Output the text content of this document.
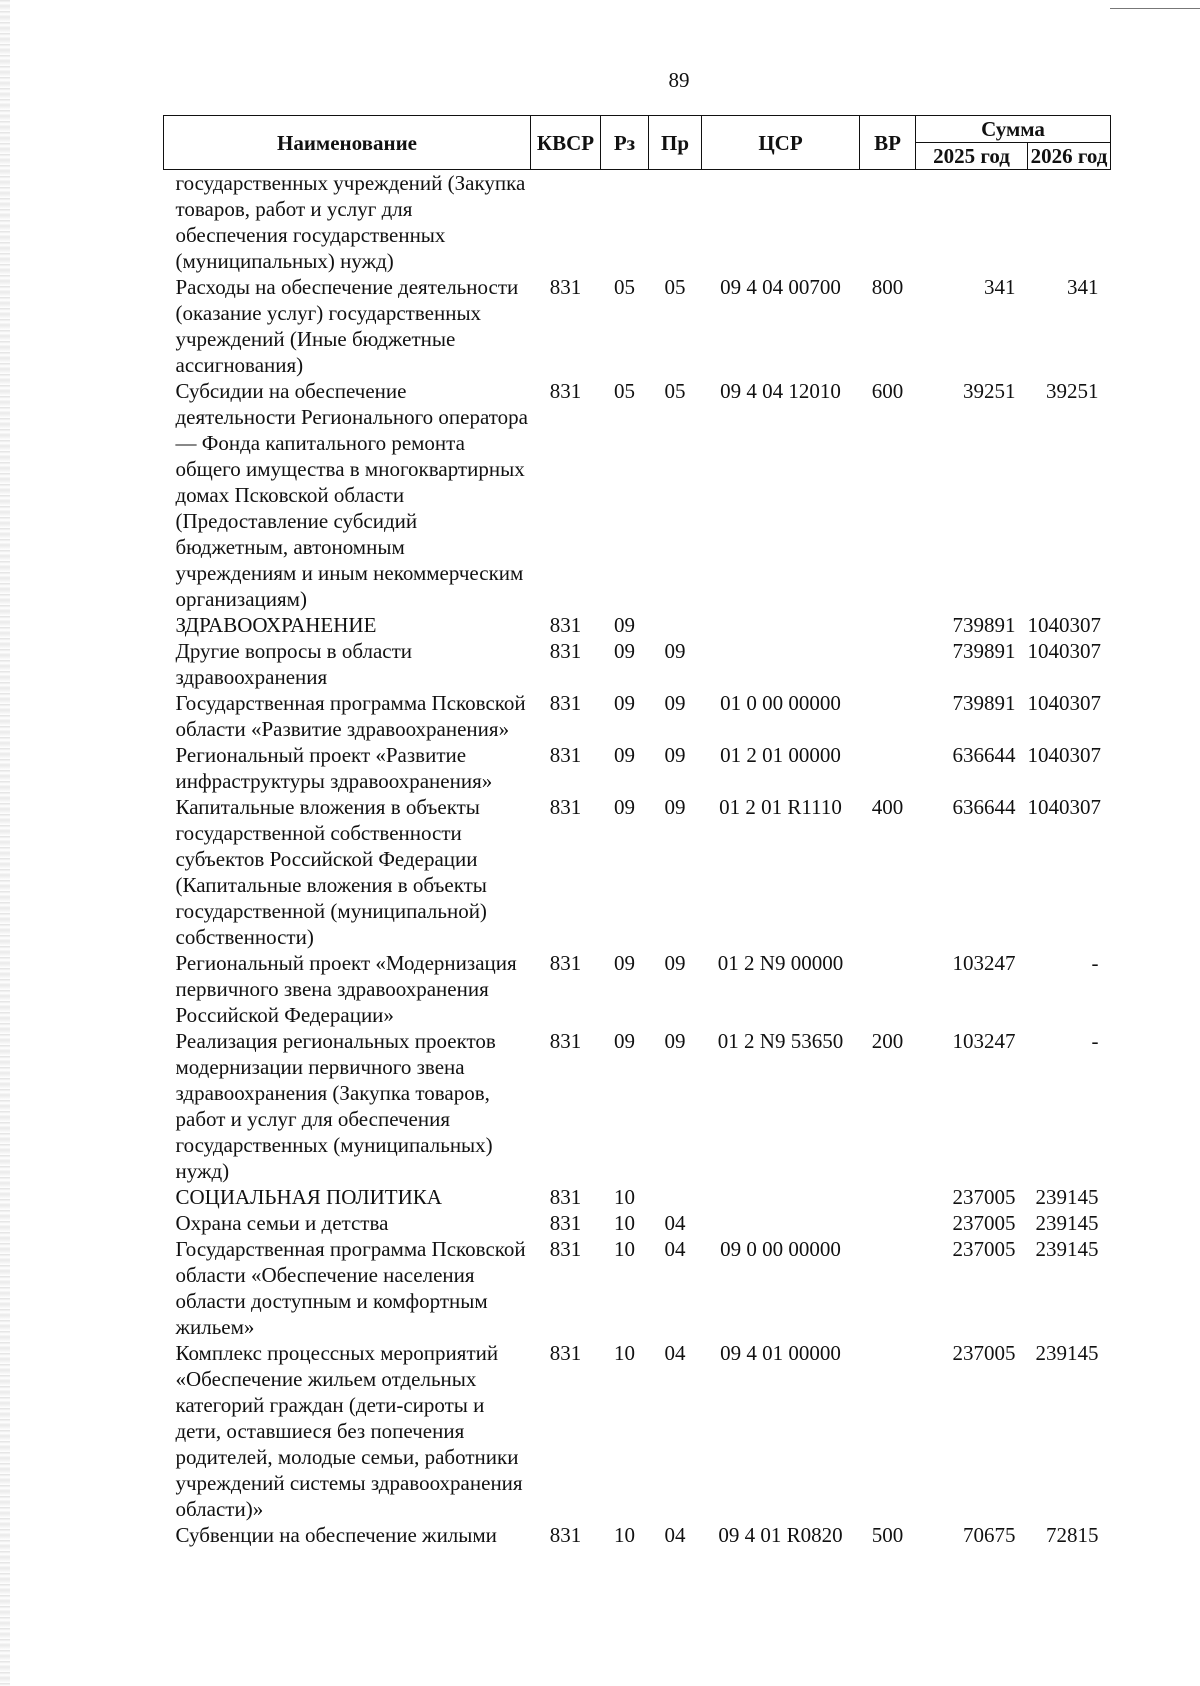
89
Наименование	КВСР	Рз	Пр	ЦСР	ВР	Сумма	
						2025 год	2026 год
государственных учреждений (Закупка товаров, работ и услуг для обеспечения государственных (муниципальных) нужд)							
Расходы на обеспечение деятельности (оказание услуг) государственных учреждений (Иные бюджетные ассигнования)	831	05	05	09 4 04 00700	800	341	341
Субсидии на обеспечение деятельности Регионального оператора — Фонда капитального ремонта общего имущества в многоквартирных домах Псковской области (Предоставление субсидий бюджетным, автономным учреждениям и иным некоммерческим организациям)	831	05	05	09 4 04 12010	600	39251	39251
ЗДРАВООХРАНЕНИЕ	831	09				739891	1040307
Другие вопросы в области здравоохранения	831	09	09			739891	1040307
Государственная программа Псковской области «Развитие здравоохранения»	831	09	09	01 0 00 00000		739891	1040307
Региональный проект «Развитие инфраструктуры здравоохранения»	831	09	09	01 2 01 00000		636644	1040307
Капитальные вложения в объекты государственной собственности субъектов Российской Федерации (Капитальные вложения в объекты государственной (муниципальной) собственности)	831	09	09	01 2 01 R1110	400	636644	1040307
Региональный проект «Модернизация первичного звена здравоохранения Российской Федерации»	831	09	09	01 2 N9 00000		103247	-
Реализация региональных проектов модернизации первичного звена здравоохранения (Закупка товаров, работ и услуг для обеспечения государственных (муниципальных) нужд)	831	09	09	01 2 N9 53650	200	103247	-
СОЦИАЛЬНАЯ ПОЛИТИКА	831	10				237005	239145
Охрана семьи и детства	831	10	04			237005	239145
Государственная программа Псковской области «Обеспечение населения области доступным и комфортным жильем»	831	10	04	09 0 00 00000		237005	239145
Комплекс процессных мероприятий «Обеспечение жильем отдельных категорий граждан (дети-сироты и дети, оставшиеся без попечения родителей, молодые семьи, работники учреждений системы здравоохранения области)»	831	10	04	09 4 01 00000		237005	239145
Субвенции на обеспечение жилыми	831	10	04	09 4 01 R0820	500	70675	72815
